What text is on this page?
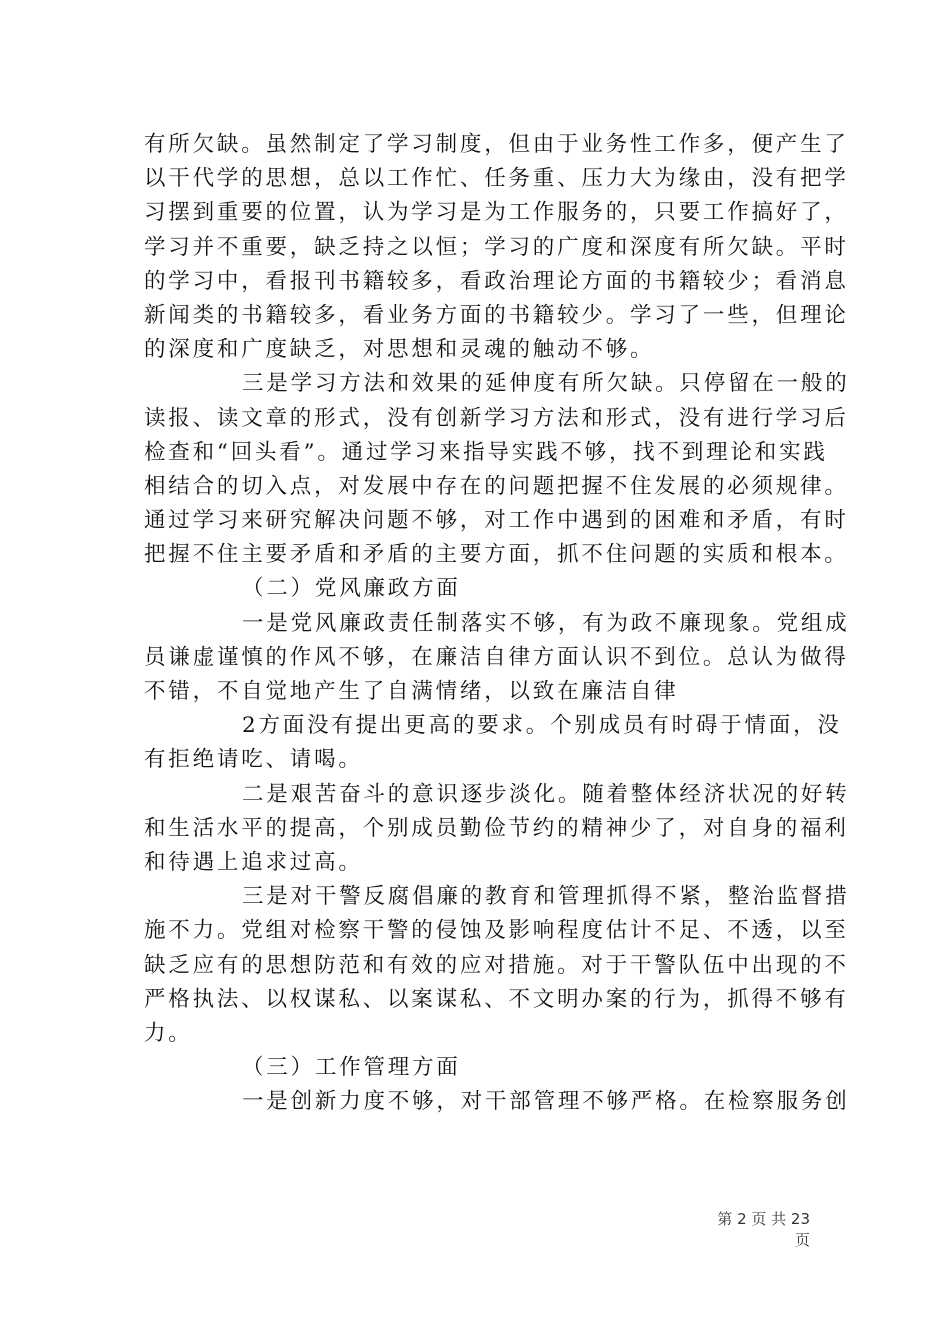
有所欠缺。虽然制定了学习制度，但由于业务性工作多，便产生了
以干代学的思想，总以工作忙、任务重、压力大为缘由，没有把学
习摆到重要的位置，认为学习是为工作服务的，只要工作搞好了，
学习并不重要，缺乏持之以恒；学习的广度和深度有所欠缺。平时
的学习中，看报刊书籍较多，看政治理论方面的书籍较少；看消息
新闻类的书籍较多，看业务方面的书籍较少。学习了一些，但理论
的深度和广度缺乏，对思想和灵魂的触动不够。
三是学习方法和效果的延伸度有所欠缺。只停留在一般的
读报、读文章的形式，没有创新学习方法和形式，没有进行学习后
检查和“回头看”。通过学习来指导实践不够，找不到理论和实践
相结合的切入点，对发展中存在的问题把握不住发展的必须规律。
通过学习来研究解决问题不够，对工作中遇到的困难和矛盾，有时
把握不住主要矛盾和矛盾的主要方面，抓不住问题的实质和根本。
（二）党风廉政方面
一是党风廉政责任制落实不够，有为政不廉现象。党组成
员谦虚谨慎的作风不够，在廉洁自律方面认识不到位。总认为做得
不错，不自觉地产生了自满情绪，以致在廉洁自律
2方面没有提出更高的要求。个别成员有时碍于情面，没
有拒绝请吃、请喝。
二是艰苦奋斗的意识逐步淡化。随着整体经济状况的好转
和生活水平的提高，个别成员勤俭节约的精神少了，对自身的福利
和待遇上追求过高。
三是对干警反腐倡廉的教育和管理抓得不紧，整治监督措
施不力。党组对检察干警的侵蚀及影响程度估计不足、不透，以至
缺乏应有的思想防范和有效的应对措施。对于干警队伍中出现的不
严格执法、以权谋私、以案谋私、不文明办案的行为，抓得不够有
力。
（三）工作管理方面
一是创新力度不够，对干部管理不够严格。在检察服务创
第 2 页 共 23 页
